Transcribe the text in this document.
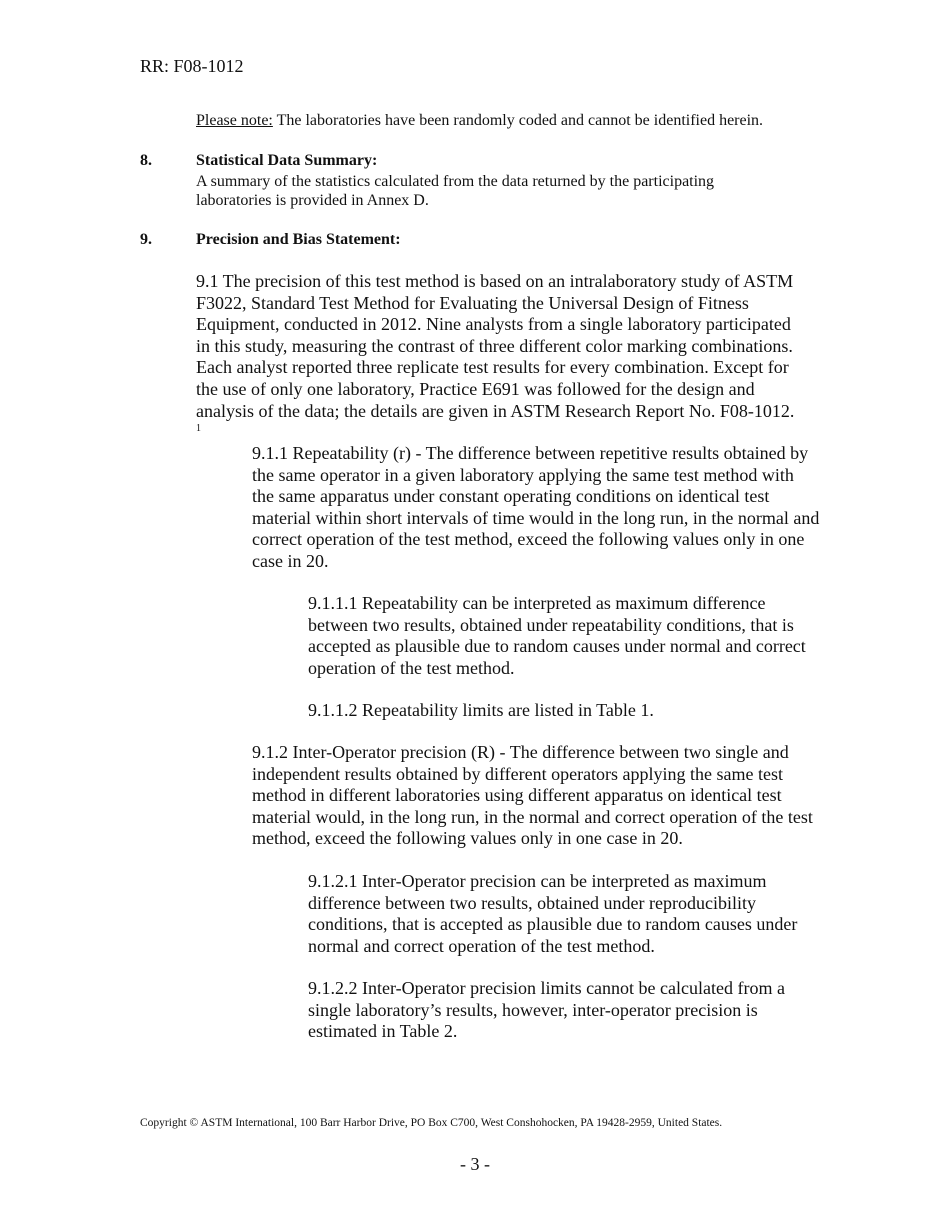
RR: F08-1012
Please note: The laboratories have been randomly coded and cannot be identified herein.
8.	Statistical Data Summary:
A summary of the statistics calculated from the data returned by the participating laboratories is provided in Annex D.
9.	Precision and Bias Statement:
9.1 The precision of this test method is based on an intralaboratory study of ASTM F3022, Standard Test Method for Evaluating the Universal Design of Fitness Equipment, conducted in 2012. Nine analysts from a single laboratory participated in this study, measuring the contrast of three different color marking combinations. Each analyst reported three replicate test results for every combination. Except for the use of only one laboratory, Practice E691 was followed for the design and analysis of the data; the details are given in ASTM Research Report No. F08-1012. $^1$
9.1.1 Repeatability (r) - The difference between repetitive results obtained by the same operator in a given laboratory applying the same test method with the same apparatus under constant operating conditions on identical test material within short intervals of time would in the long run, in the normal and correct operation of the test method, exceed the following values only in one case in 20.
9.1.1.1 Repeatability can be interpreted as maximum difference between two results, obtained under repeatability conditions, that is accepted as plausible due to random causes under normal and correct operation of the test method.
9.1.1.2 Repeatability limits are listed in Table 1.
9.1.2 Inter-Operator precision (R) - The difference between two single and independent results obtained by different operators applying the same test method in different laboratories using different apparatus on identical test material would, in the long run, in the normal and correct operation of the test method, exceed the following values only in one case in 20.
9.1.2.1 Inter-Operator precision can be interpreted as maximum difference between two results, obtained under reproducibility conditions, that is accepted as plausible due to random causes under normal and correct operation of the test method.
9.1.2.2 Inter-Operator precision limits cannot be calculated from a single laboratory’s results, however, inter-operator precision is estimated in Table 2.
Copyright © ASTM International, 100 Barr Harbor Drive, PO Box C700, West Conshohocken, PA 19428-2959, United States.
- 3 -
